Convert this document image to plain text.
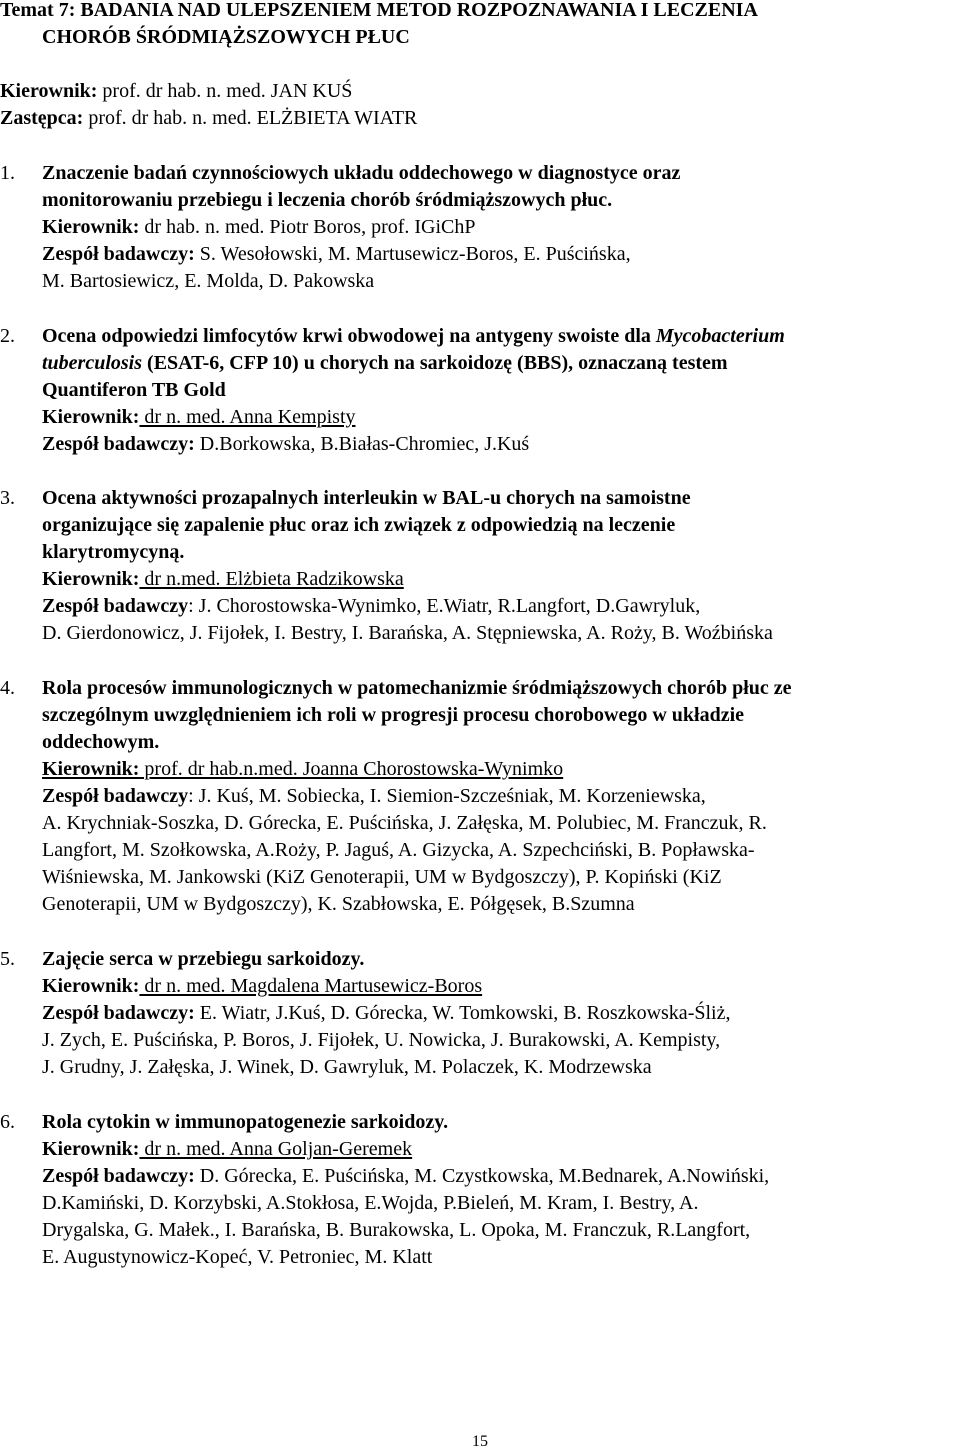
Temat 7: BADANIA NAD ULEPSZENIEM METOD ROZPOZNAWANIA I LECZENIA
CHORÓB ŚRÓDMIĄŻSZOWYCH PŁUC
Kierownik: prof. dr hab. n. med. JAN KUŚ
Zastępca: prof. dr hab. n. med. ELŻBIETA WIATR
1. Znaczenie badań czynnościowych układu oddechowego w diagnostyce oraz
monitorowaniu przebiegu i leczenia chorób śródmiąższowych płuc.
Kierownik: dr hab. n. med. Piotr Boros, prof. IGiChP
Zespół badawczy: S. Wesołowski, M. Martusewicz-Boros, E. Puścińska,
M. Bartosiewicz, E. Molda, D. Pakowska
2. Ocena odpowiedzi limfocytów krwi obwodowej na antygeny swoiste dla Mycobacterium
tuberculosis (ESAT-6, CFP 10) u chorych na sarkoidozę (BBS), oznaczaną testem
Quantiferon TB Gold
Kierownik: dr n. med. Anna Kempisty
Zespół badawczy: D.Borkowska, B.Białas-Chromiec, J.Kuś
3. Ocena aktywności prozapalnych interleukin w BAL-u chorych na samoistne
organizujące się zapalenie płuc oraz ich związek z odpowiedzią na leczenie
klarytromycyną.
Kierownik: dr n.med. Elżbieta Radzikowska
Zespół badawczy: J. Chorostowska-Wynimko, E.Wiatr, R.Langfort, D.Gawryluk,
D. Gierdonowicz, J. Fijołek, I. Bestry, I. Barańska, A. Stępniewska, A. Roży, B. Woźbińska
4. Rola procesów immunologicznych w patomechanizmie śródmiąższowych chorób płuc ze
szczególnym uwzględnieniem ich roli w progresji procesu chorobowego w układzie
oddechowym.
Kierownik: prof. dr hab.n.med. Joanna Chorostowska-Wynimko
Zespół badawczy: J. Kuś, M. Sobiecka, I. Siemion-Szcześniak, M. Korzeniewska,
A. Krychniak-Soszka, D. Górecka, E. Puścińska, J. Załęska, M. Polubiec, M. Franczuk, R.
Langfort, M. Szołkowska, A.Roży, P. Jaguś, A. Gizycka, A. Szpechciński, B. Popławska-
Wiśniewska, M. Jankowski (KiZ Genoterapii, UM w Bydgoszczy), P. Kopiński (KiZ
Genoterapii, UM w Bydgoszczy), K. Szabłowska, E. Półgęsek, B.Szumna
5. Zajęcie serca w przebiegu sarkoidozy.
Kierownik: dr n. med. Magdalena Martusewicz-Boros
Zespół badawczy: E. Wiatr, J.Kuś, D. Górecka, W. Tomkowski, B. Roszkowska-Śliż,
J. Zych, E. Puścińska, P. Boros, J. Fijołek, U. Nowicka, J. Burakowski, A. Kempisty,
J. Grudny, J. Załęska, J. Winek, D. Gawryluk, M. Polaczek, K. Modrzewska
6. Rola cytokin w immunopatogenezie sarkoidozy.
Kierownik: dr n. med. Anna Goljan-Geremek
Zespół badawczy: D. Górecka, E. Puścińska, M. Czystkowska, M.Bednarek, A.Nowiński,
D.Kamiński, D. Korzybski, A.Stokłosa, E.Wojda, P.Bieleń, M. Kram, I. Bestry, A.
Drygalska, G. Małek., I. Barańska, B. Burakowska, L. Opoka, M. Franczuk, R.Langfort,
E. Augustynowicz-Kopeć, V. Petroniec, M. Klatt
15
